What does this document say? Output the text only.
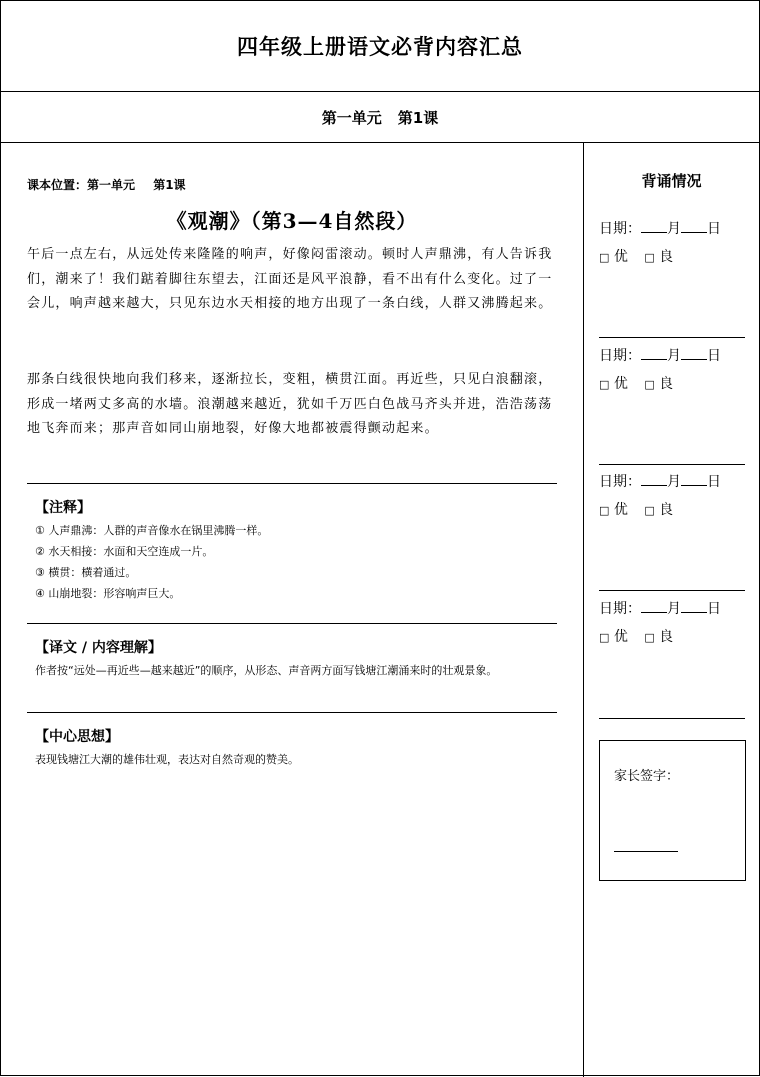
四年级上册语文必背内容汇总
第一单元 第1课
课本位置：第一单元 第1课
《观潮》（第3—4自然段）

午后一点左右，从远处传来隆隆的响声，好像闷雷滚动。顿时人声鼎沸，有人告诉我们，潮来了！我们踮着脚往东望去，江面还是风平浪静，看不出有什么变化。过了一会儿，响声越来越大，只见东边水天相接的地方出现了一条白线，人群又沸腾起来。

那条白线很快地向我们移来，逐渐拉长，变粗，横贯江面。再近些，只见白浪翻滚，形成一堵两丈多高的水墙。浪潮越来越近，犹如千万匹白色战马齐头并进，浩浩荡荡地飞奔而来；那声音如同山崩地裂，好像大地都被震得颤动起来。

【注释】
① 人声鼎沸：人群的声音像水在锅里沸腾一样。
② 水天相接：水面和天空连成一片。
③ 横贯：横着通过。
④ 山崩地裂：形容响声巨大。
【译文 / 内容理解】
作者按“远处—再近些—越来越近”的顺序，从形态、声音两方面写钱塘江潮涌来时的壮观景象。
【中心思想】
表现钱塘江大潮的雄伟壮观，表达对自然奇观的赞美。
背诵情况
日期： 月 日
□ 优 □ 良
日期： 月 日
□ 优 □ 良
日期： 月 日
□ 优 □ 良
日期： 月 日
□ 优 □ 良
家长签字：
